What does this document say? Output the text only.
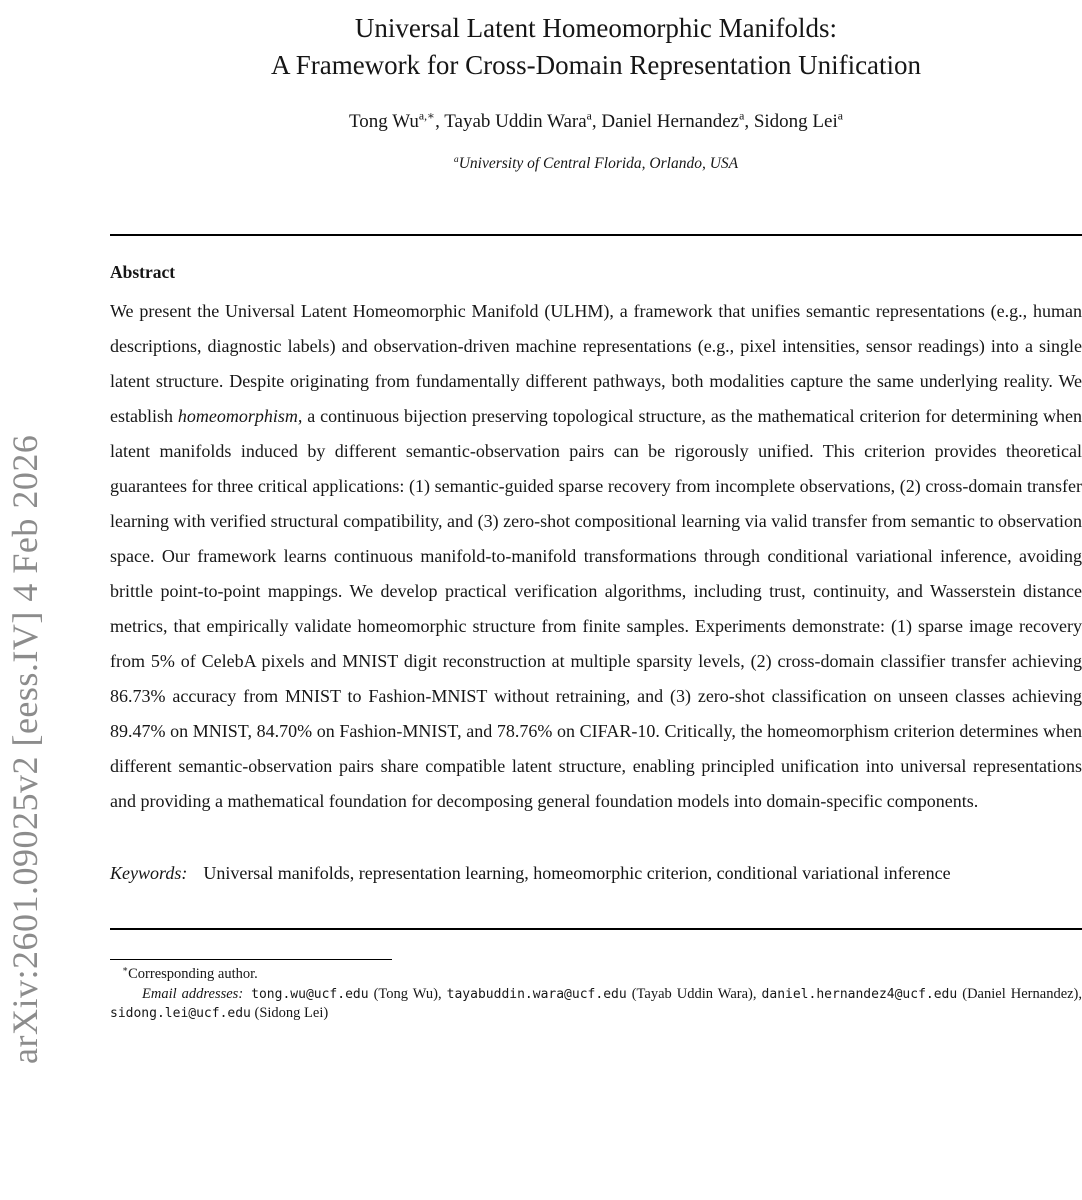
arXiv:2601.09025v2 [eess.IV] 4 Feb 2026
Universal Latent Homeomorphic Manifolds:
A Framework for Cross-Domain Representation Unification

Tong $Wu^{a,∗}$, Tayab Uddin Wara$^a$, Daniel Hernandez$^a$, Sidong Lei$^a$

$^a$University of Central Florida, Orlando, USA

Abstract

We present the Universal Latent Homeomorphic Manifold (ULHM), a framework that unifies semantic representations (e.g., human descriptions, diagnostic labels) and observation-driven machine representations (e.g., pixel intensities, sensor readings) into a single latent structure. Despite originating from fundamentally different pathways, both modalities capture the same underlying reality. We establish homeomorphism, a continuous bijection preserving topological structure, as the mathematical criterion for determining when latent manifolds induced by different semantic-observation pairs can be rigorously unified. This criterion provides theoretical guarantees for three critical applications: (1) semantic-guided sparse recovery from incomplete observations, (2) cross-domain transfer learning with verified structural compatibility, and (3) zero-shot compositional learning via valid transfer from semantic to observation space. Our framework learns continuous manifold-to-manifold transformations through conditional variational inference, avoiding brittle point-to-point mappings. We develop practical verification algorithms, including trust, continuity, and Wasserstein distance metrics, that empirically validate homeomorphic structure from finite samples. Experiments demonstrate: (1) sparse image recovery from 5% of CelebA pixels and MNIST digit reconstruction at multiple sparsity levels, (2) cross-domain classifier transfer achieving 86.73% accuracy from MNIST to Fashion-MNIST without retraining, and (3) zero-shot classification on unseen classes achieving 89.47% on MNIST, 84.70% on Fashion-MNIST, and 78.76% on CIFAR-10. Critically, the homeomorphism criterion determines when different semantic-observation pairs share compatible latent structure, enabling principled unification into universal representations and providing a mathematical foundation for decomposing general foundation models into domain-specific components.

Keywords: Universal manifolds, representation learning, homeomorphic criterion, conditional variational inference

∗Corresponding author.

Email addresses: tong.wu@ucf.edu (Tong Wu), tayabuddin.wara@ucf.edu (Tayab Uddin Wara), daniel.hernandez4@ucf.edu (Daniel Hernandez), sidong.lei@ucf.edu (Sidong Lei)
